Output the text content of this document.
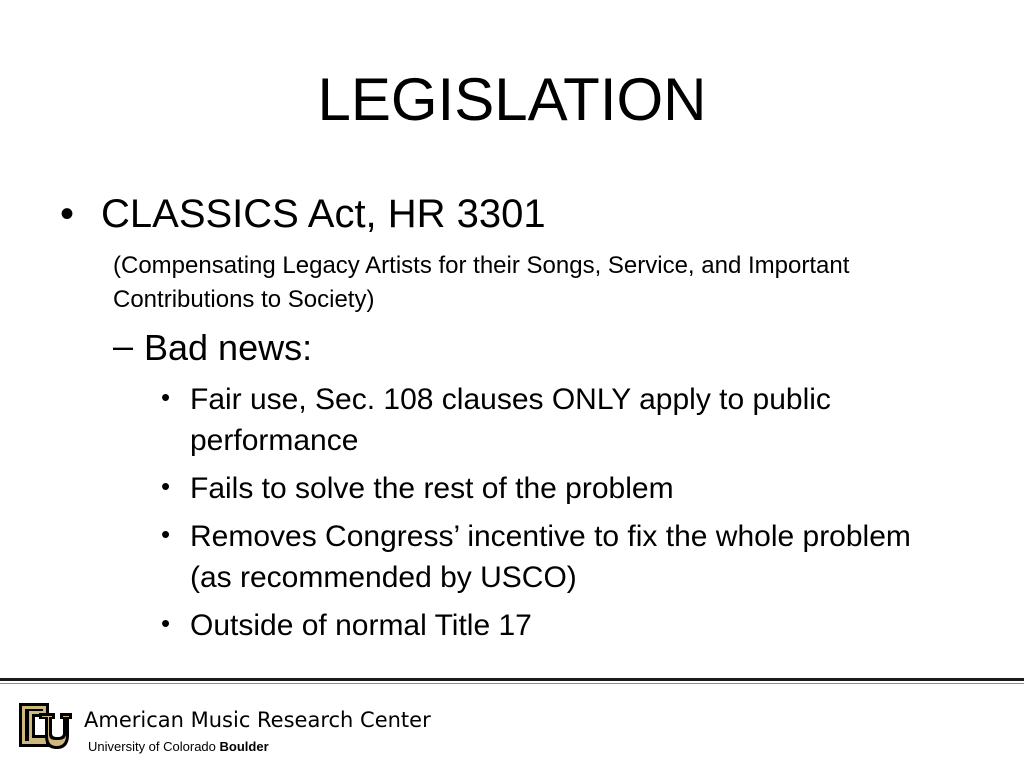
LEGISLATION
• CLASSICS Act, HR 3301
(Compensating Legacy Artists for their Songs, Service, and Important Contributions to Society)
– Bad news:
• Fair use, Sec. 108 clauses ONLY apply to public performance
• Fails to solve the rest of the problem
• Removes Congress’ incentive to fix the whole problem (as recommended by USCO)
• Outside of normal Title 17
American Music Research Center
University of Colorado Boulder
